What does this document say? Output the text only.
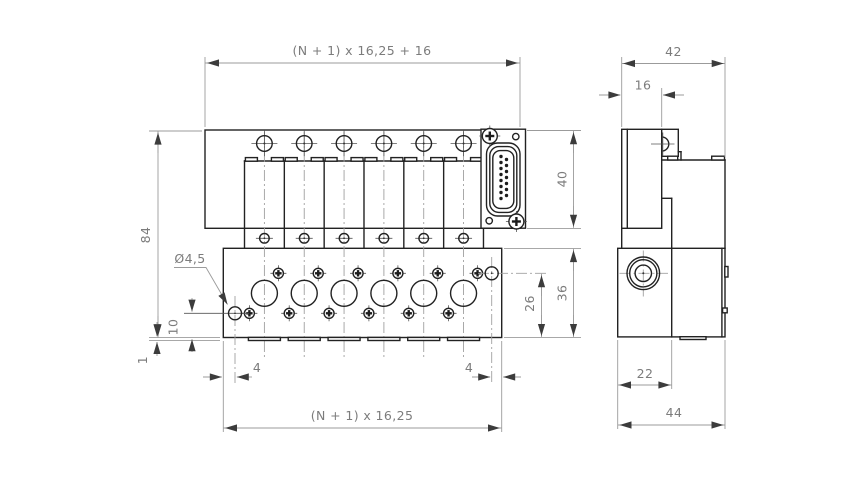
(N + 1) x 16,25 + 16
84
Ø4,5
10
1	4	4
(N + 1) x 16,25
40
36
26
42
16
22
44
